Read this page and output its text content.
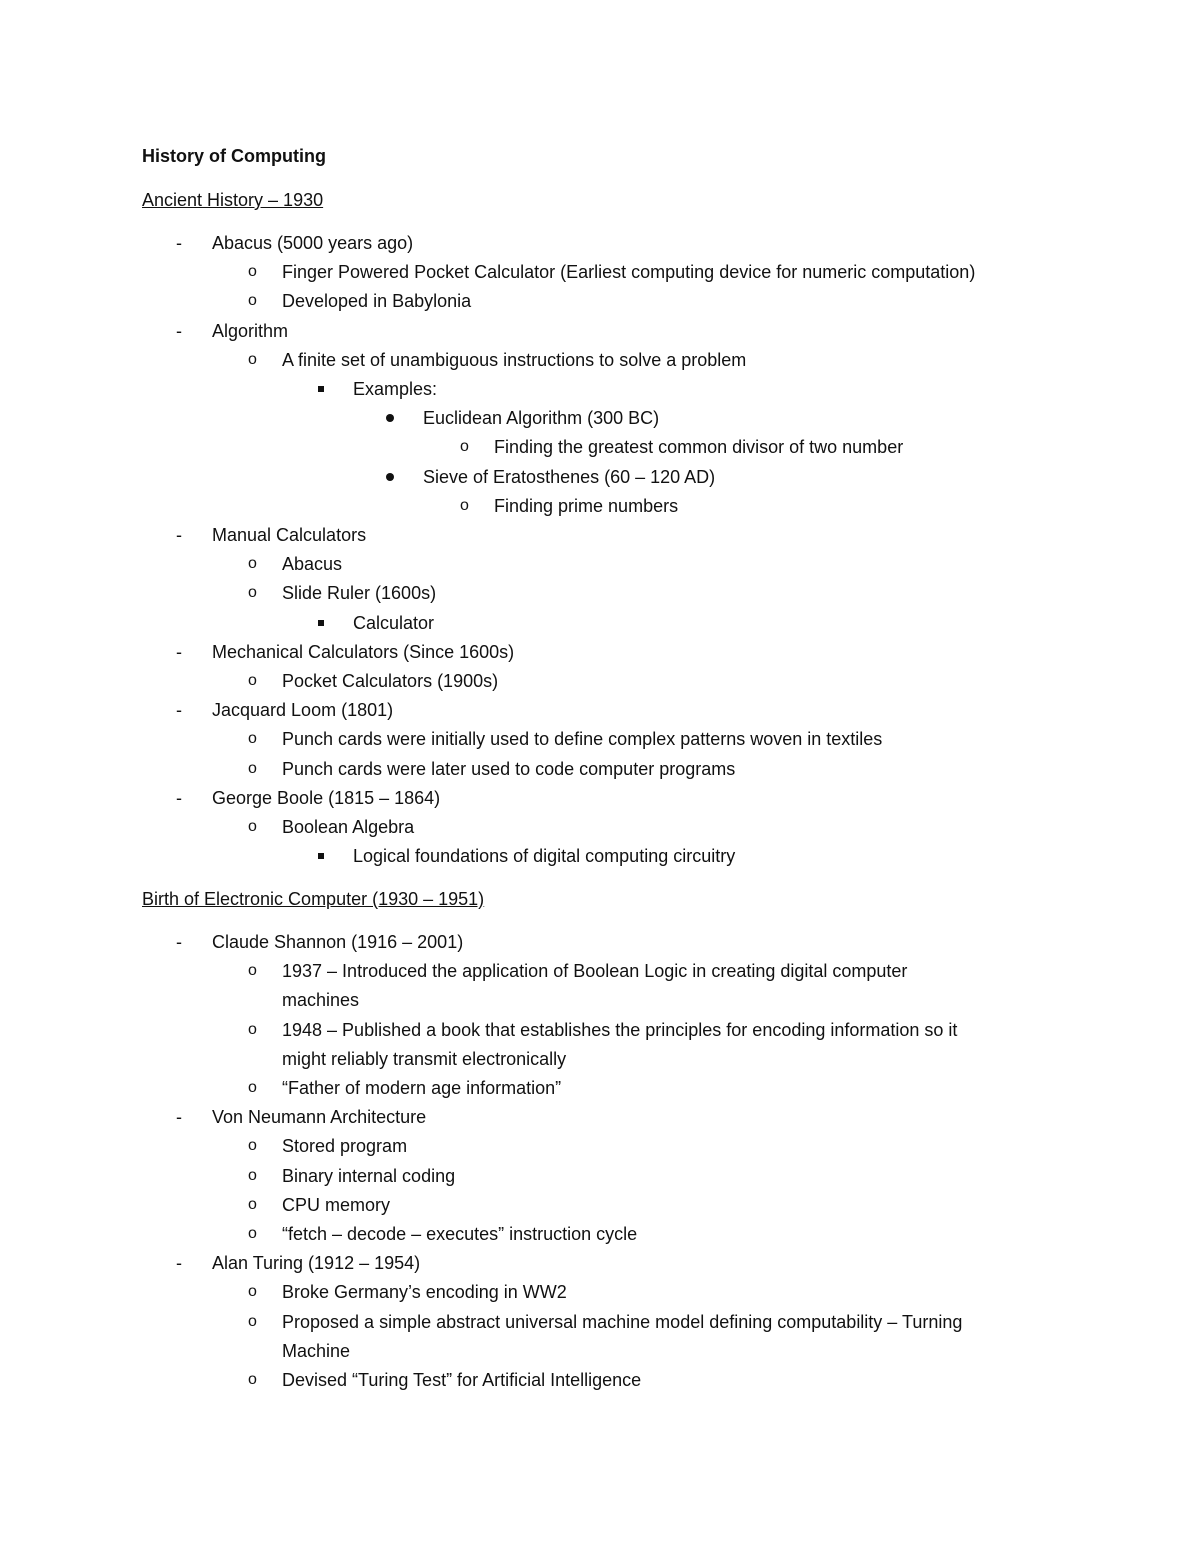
History of Computing
Ancient History – 1930
- Abacus (5000 years ago)
o Finger Powered Pocket Calculator (Earliest computing device for numeric computation)
o Developed in Babylonia
- Algorithm
o A finite set of unambiguous instructions to solve a problem
Examples:
Euclidean Algorithm (300 BC)
o Finding the greatest common divisor of two number
Sieve of Eratosthenes (60 – 120 AD)
o Finding prime numbers
- Manual Calculators
o Abacus
o Slide Ruler (1600s)
Calculator
- Mechanical Calculators (Since 1600s)
o Pocket Calculators (1900s)
- Jacquard Loom (1801)
o Punch cards were initially used to define complex patterns woven in textiles
o Punch cards were later used to code computer programs
- George Boole (1815 – 1864)
o Boolean Algebra
Logical foundations of digital computing circuitry
Birth of Electronic Computer (1930 – 1951)
- Claude Shannon (1916 – 2001)
o 1937 – Introduced the application of Boolean Logic in creating digital computer
machines
o 1948 – Published a book that establishes the principles for encoding information so it
might reliably transmit electronically
o “Father of modern age information”
- Von Neumann Architecture
o Stored program
o Binary internal coding
o CPU memory
o “fetch – decode – executes” instruction cycle
- Alan Turing (1912 – 1954)
o Broke Germany’s encoding in WW2
o Proposed a simple abstract universal machine model defining computability – Turning
Machine
o Devised “Turing Test” for Artificial Intelligence
